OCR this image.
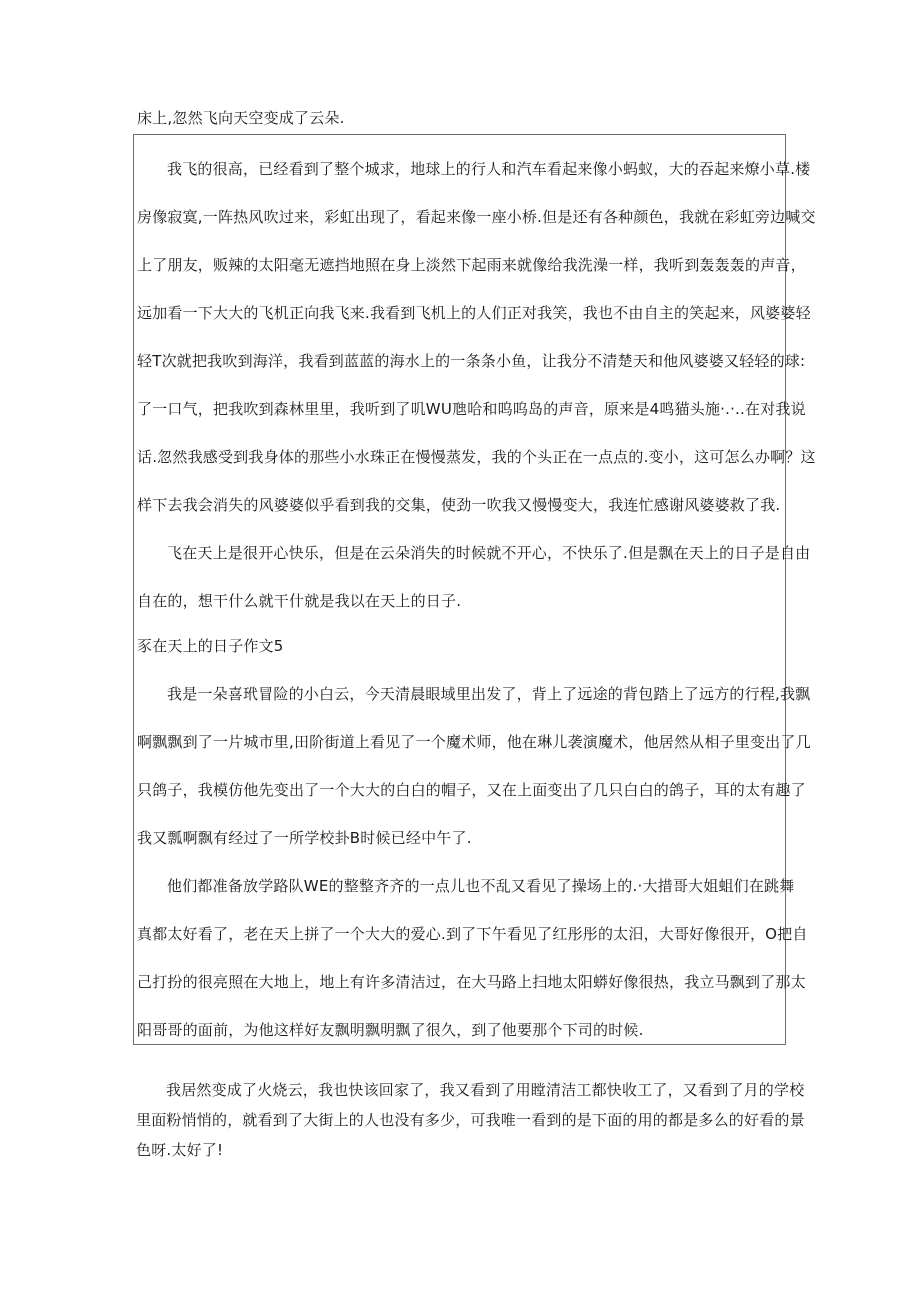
床上,忽然飞向天空变成了云朵.
我飞的很高，已经看到了整个城求，地球上的行人和汽车看起来像小蚂蚁，大的吞起来燎小草.楼
房像寂寞,一阵热风吹过来，彩虹出现了，看起来像一座小桥.但是还有各种颜色，我就在彩虹旁边喊交
上了朋友，贩辣的太阳毫无遮挡地照在身上淡然下起雨来就像给我洗澡一样，我听到轰轰轰的声音，
远加看一下大大的飞机正向我飞来.我看到飞机上的人们正对我笑，我也不由自主的笑起来，风婆婆轻
轻T次就把我吹到海洋，我看到蓝蓝的海水上的一条条小鱼，让我分不清楚天和他风婆婆又轻轻的球:
了一口气，把我吹到森林里里，我听到了叽WU虺哈和呜呜岛的声音，原来是4鸣猫头施·.·..在对我说
话.忽然我感受到我身体的那些小水珠正在慢慢蒸发，我的个头正在一点点的.变小，这可怎么办啊？这
样下去我会消失的风婆婆似乎看到我的交集，使劲一吹我又慢慢变大，我连忙感谢风婆婆救了我.
飞在天上是很开心快乐，但是在云朵消失的时候就不开心，不快乐了.但是飘在天上的日子是自由
自在的，想干什么就干什就是我以在天上的日子.
豕在天上的日子作文5
我是一朵喜玳冒险的小白云，今天清晨眼域里出发了，背上了远途的背包踏上了远方的行程,我飘
啊飘飘到了一片城市里,田阶街道上看见了一个魔术师，他在琳儿袭演魔术，他居然从相子里变出了几
只鸽子，我模仿他先变出了一个大大的白白的帽子，又在上面变出了几只白白的鸽子，耳的太有趣了
我又瓢啊飘有经过了一所学校卦B时候已经中午了.
他们都准备放学路队WE的整整齐齐的一点儿也不乱又看见了操场上的.·大措哥大姐蛆们在跳舞
真都太好看了，老在天上拼了一个大大的爱心.到了下午看见了红彤彤的太汨，大哥好像很开，O把自
己打扮的很亮照在大地上，地上有许多清洁过，在大马路上扫地太阳蟒好像很热，我立马飘到了那太
阳哥哥的面前，为他这样好友飘明飘明飘了很久，到了他要那个下司的时候.
我居然变成了火烧云，我也快该回家了，我又看到了用瞠清洁工都快收工了，又看到了月的学校
里面粉悄悄的，就看到了大街上的人也没有多少，可我唯一看到的是下面的用的都是多么的好看的景
色呀.太好了!
